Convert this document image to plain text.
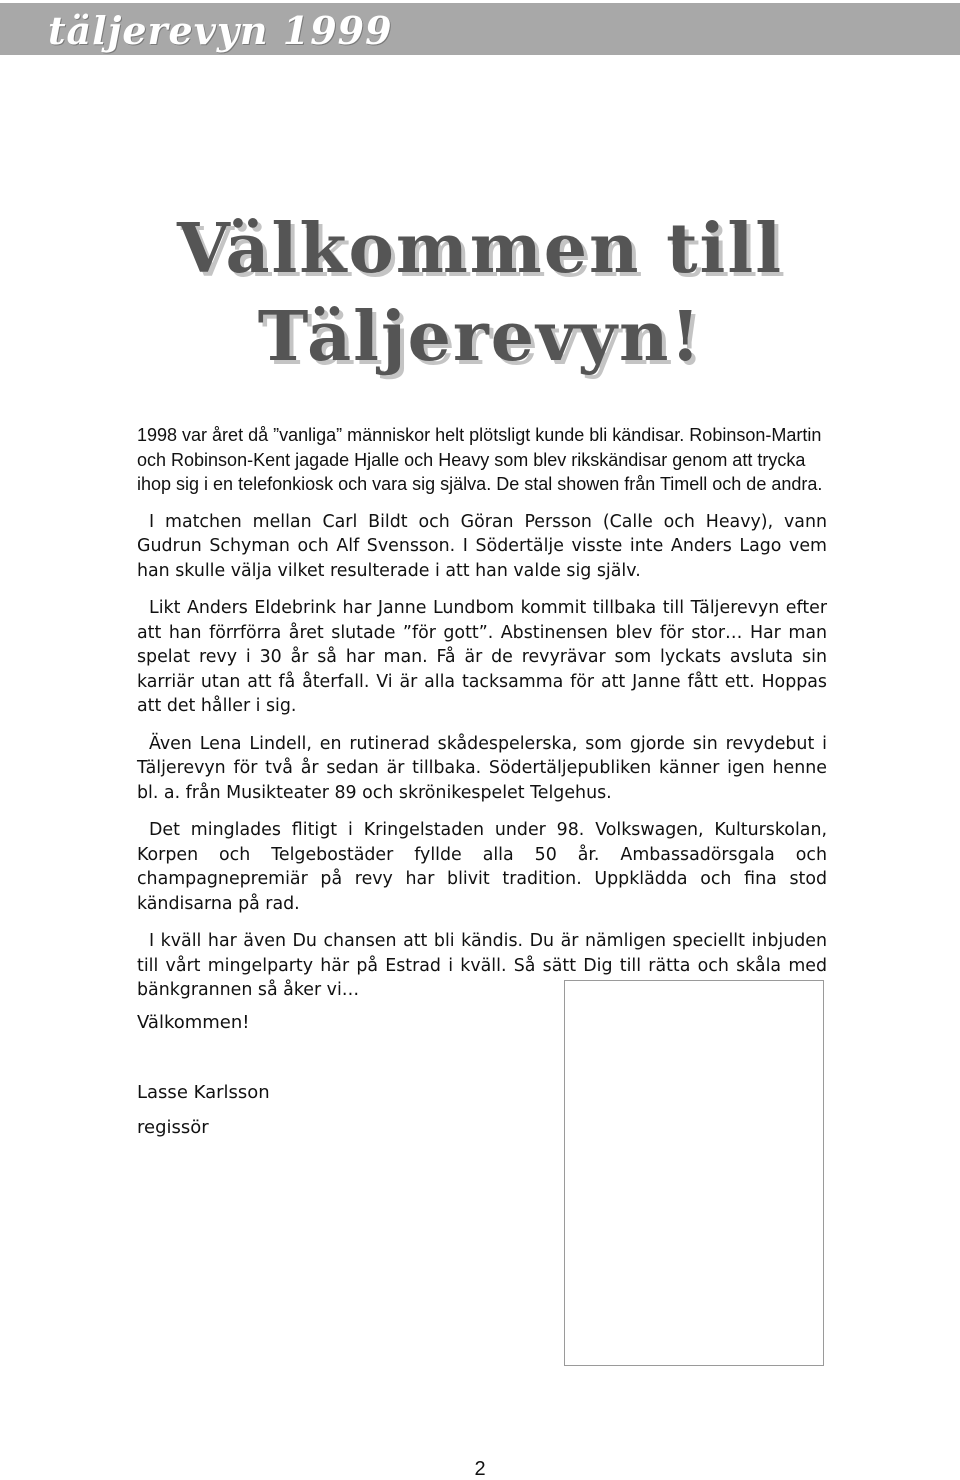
täljerevyn 1999
Välkommen till
Täljerevyn!

1998 var året då ”vanliga” människor helt plötsligt kunde bli kändisar. Robinson-Martin och Robinson-Kent jagade Hjalle och Heavy som blev rikskändisar genom att trycka ihop sig i en telefonkiosk och vara sig själva. De stal showen från Timell och de andra.

I matchen mellan Carl Bildt och Göran Persson (Calle och Heavy), vann Gudrun Schyman och Alf Svensson. I Södertälje visste inte Anders Lago vem han skulle välja vilket resulterade i att han valde sig själv.

Likt Anders Eldebrink har Janne Lundbom kommit tillbaka till Täljerevyn efter att han förrförra året slutade ”för gott”. Abstinensen blev för stor… Har man spelat revy i 30 år så har man. Få är de revyrävar som lyckats avsluta sin karriär utan att få återfall. Vi är alla tacksamma för att Janne fått ett. Hoppas att det håller i sig.

Även Lena Lindell, en rutinerad skådespelerska, som gjorde sin revydebut i Täljerevyn för två år sedan är tillbaka. Södertäljepubliken känner igen henne bl. a. från Musikteater 89 och skrönikespelet Telgehus.

Det minglades flitigt i Kringelstaden under 98. Volkswagen, Kulturskolan, Korpen och Telgebostäder fyllde alla 50 år. Ambassadörsgala och champagnepremiär på revy har blivit tradition. Uppklädda och fina stod kändisarna på rad.

I kväll har även Du chansen att bli kändis. Du är nämligen speciellt inbjuden till vårt mingelparty här på Estrad i kväll. Så sätt Dig till rätta och skåla med bänkgrannen så åker vi…

Välkommen!
Lasse Karlsson
regissör
2
